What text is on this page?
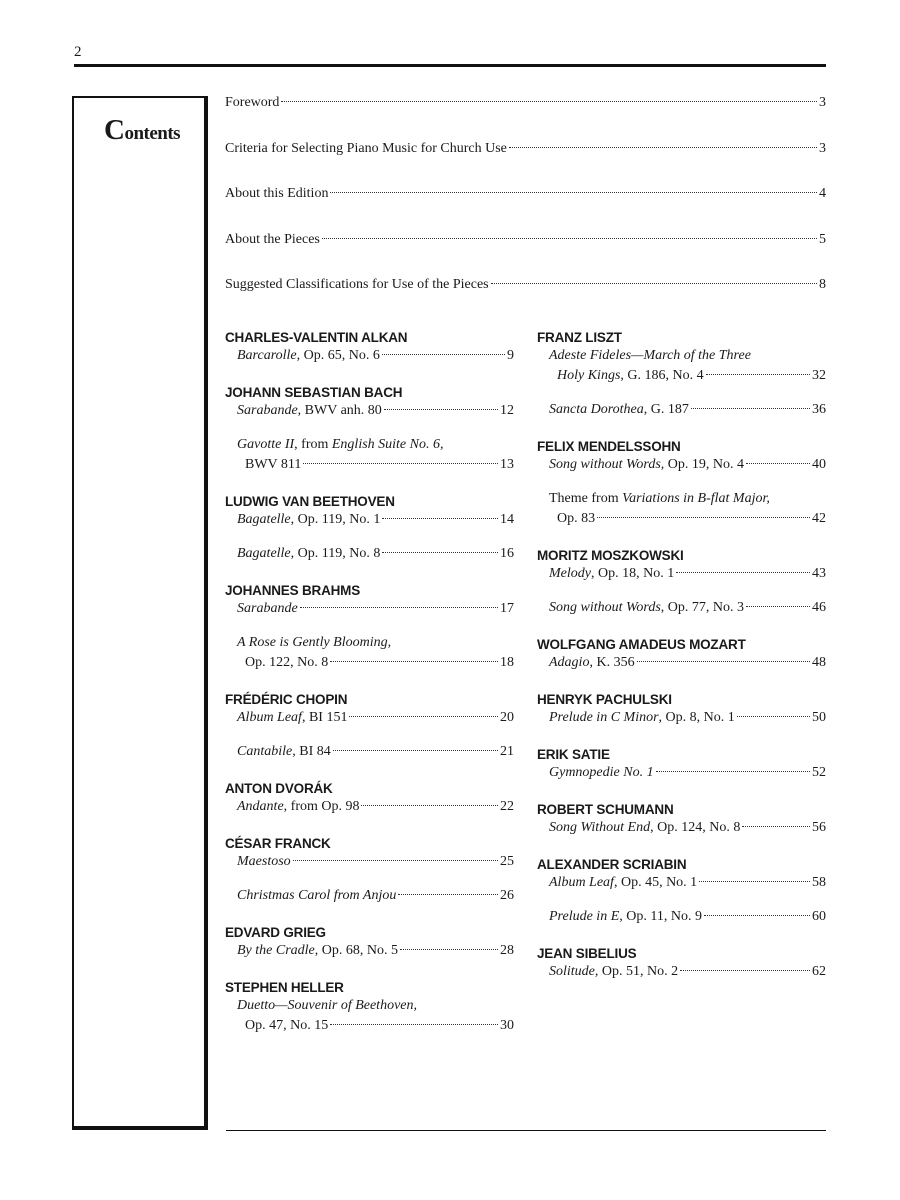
2
Contents
Foreword	3
Criteria for Selecting Piano Music for Church Use	3
About this Edition	4
About the Pieces	5
Suggested Classifications for Use of the Pieces	8
CHARLES-VALENTIN ALKAN
Barcarolle, Op. 65, No. 6	9
JOHANN SEBASTIAN BACH
Sarabande, BWV anh. 80	12
Gavotte II, from English Suite No. 6,
BWV 811	13
LUDWIG VAN BEETHOVEN
Bagatelle, Op. 119, No. 1	14
Bagatelle, Op. 119, No. 8	16
JOHANNES BRAHMS
Sarabande	17
A Rose is Gently Blooming,
Op. 122, No. 8	18
FRÉDÉRIC CHOPIN
Album Leaf, BI 151	20
Cantabile, BI 84	21
ANTON DVORÁK
Andante, from Op. 98	22
CÉSAR FRANCK
Maestoso	25
Christmas Carol from Anjou	26
EDVARD GRIEG
By the Cradle, Op. 68, No. 5	28
STEPHEN HELLER
Duetto—Souvenir of Beethoven,
Op. 47, No. 15	30
FRANZ LISZT
Adeste Fideles—March of the Three
Holy Kings, G. 186, No. 4	32
Sancta Dorothea, G. 187	36
FELIX MENDELSSOHN
Song without Words, Op. 19, No. 4	40
Theme from Variations in B-flat Major,
Op. 83	42
MORITZ MOSZKOWSKI
Melody, Op. 18, No. 1	43
Song without Words, Op. 77, No. 3	46
WOLFGANG AMADEUS MOZART
Adagio, K. 356	48
HENRYK PACHULSKI
Prelude in C Minor, Op. 8, No. 1	50
ERIK SATIE
Gymnopedie No. 1	52
ROBERT SCHUMANN
Song Without End, Op. 124, No. 8	56
ALEXANDER SCRIABIN
Album Leaf, Op. 45, No. 1	58
Prelude in E, Op. 11, No. 9	60
JEAN SIBELIUS
Solitude, Op. 51, No. 2	62
